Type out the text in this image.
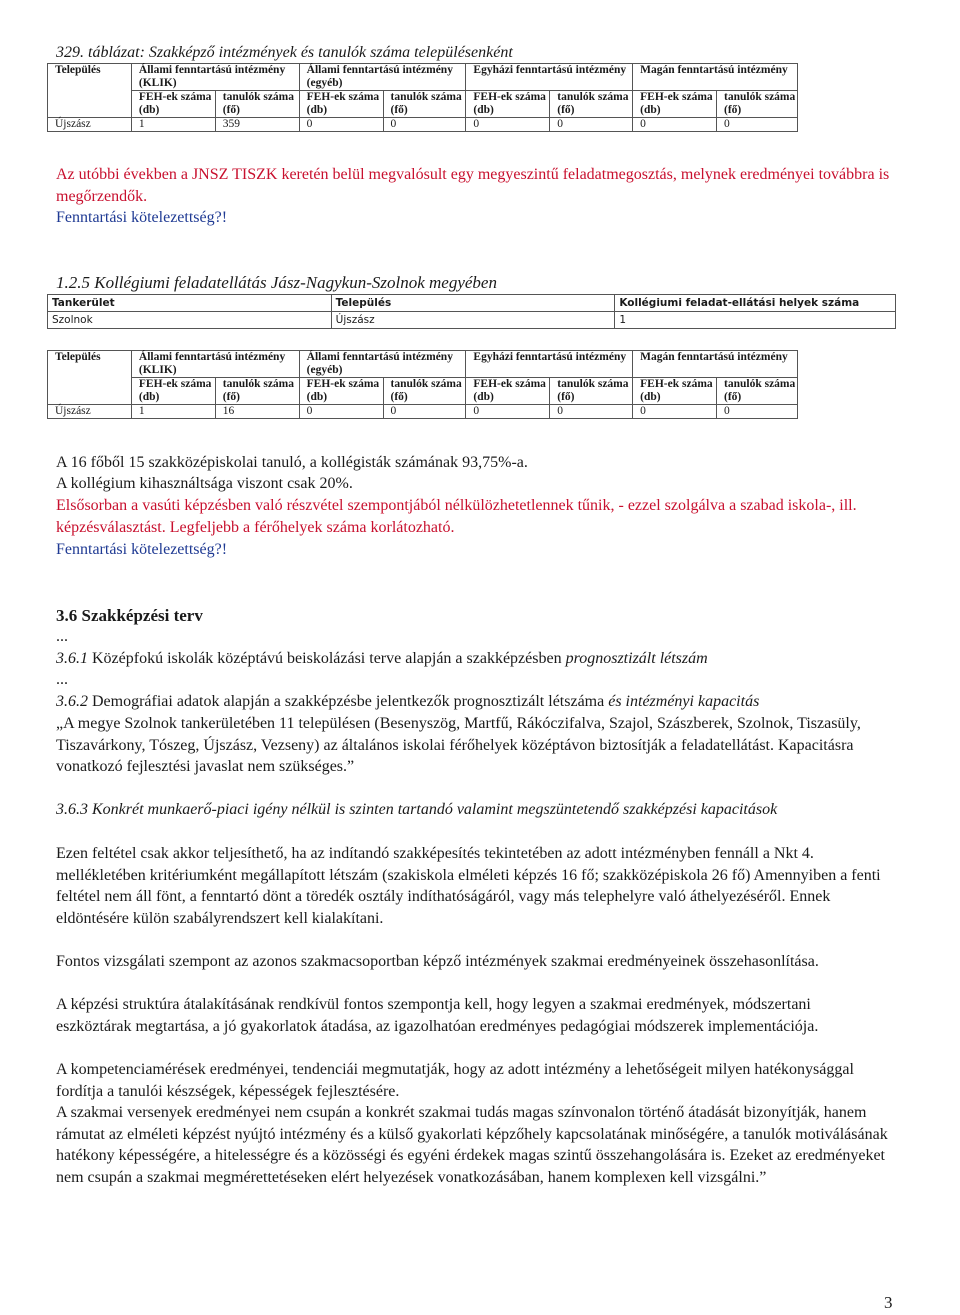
329. táblázat: Szakképző intézmények és tanulók száma településenként
Település	Állami fenntartású intézmény (KLIK)		Állami fenntartású intézmény (egyéb)		Egyházi fenntartású intézmény		Magán fenntartású intézmény	
	FEH-ek száma (db)	tanulók száma (fő)	FEH-ek száma (db)	tanulók száma (fő)	FEH-ek száma (db)	tanulók száma (fő)	FEH-ek száma (db)	tanulók száma (fő)
Újszász	1	359	0	0	0	0	0	0

Az utóbbi években a JNSZ TISZK keretén belül megvalósult egy megyeszintű feladatmegosztás, melynek eredményei továbbra is megőrzendők.

Fenntartási kötelezettség?!

1.2.5 Kollégiumi feladatellátás Jász-Nagykun-Szolnok megyében
Tankerület	Település	Kollégiumi feladat-ellátási helyek száma
Szolnok	Újszász	1
Település	Állami fenntartású intézmény (KLIK)		Állami fenntartású intézmény (egyéb)		Egyházi fenntartású intézmény		Magán fenntartású intézmény	
	FEH-ek száma (db)	tanulók száma (fő)	FEH-ek száma (db)	tanulók száma (fő)	FEH-ek száma (db)	tanulók száma (fő)	FEH-ek száma (db)	tanulók száma (fő)
Újszász	1	16	0	0	0	0	0	0

A 16 főből 15 szakközépiskolai tanuló, a kollégisták számának 93,75%-a.

A kollégium kihasználtsága viszont csak 20%.

Elsősorban a vasúti képzésben való részvétel szempontjából nélkülözhetetlennek tűnik, - ezzel szolgálva a szabad iskola-, ill. képzésválasztást. Legfeljebb a férőhelyek száma korlátozható.

Fenntartási kötelezettség?!

3.6 Szakképzési terv

...

3.6.1 Középfokú iskolák középtávú beiskolázási terve alapján a szakképzésben prognosztizált létszám

...

3.6.2 Demográfiai adatok alapján a szakképzésbe jelentkezők prognosztizált létszáma és intézményi kapacitás

„A megye Szolnok tankerületében 11 településen (Besenyszög, Martfű, Rákóczifalva, Szajol, Szászberek, Szolnok, Tiszasüly, Tiszavárkony, Tószeg, Újszász, Vezseny) az általános iskolai férőhelyek középtávon biztosítják a feladatellátást. Kapacitásra vonatkozó fejlesztési javaslat nem szükséges.”

3.6.3 Konkrét munkaerő-piaci igény nélkül is szinten tartandó valamint megszüntetendő szakképzési kapacitások

Ezen feltétel csak akkor teljesíthető, ha az indítandó szakképesítés tekintetében az adott intézményben fennáll a Nkt 4. mellékletében kritériumként megállapított létszám (szakiskola elméleti képzés 16 fő; szakközépiskola 26 fő) Amennyiben a fenti feltétel nem áll fönt, a fenntartó dönt a töredék osztály indíthatóságáról, vagy más telephelyre való áthelyezéséről. Ennek eldöntésére külön szabályrendszert kell kialakítani.

Fontos vizsgálati szempont az azonos szakmacsoportban képző intézmények szakmai eredményeinek összehasonlítása.

A képzési struktúra átalakításának rendkívül fontos szempontja kell, hogy legyen a szakmai eredmények, módszertani eszköztárak megtartása, a jó gyakorlatok átadása, az igazolhatóan eredményes pedagógiai módszerek implementációja.

A kompetenciamérések eredményei, tendenciái megmutatják, hogy az adott intézmény a lehetőségeit milyen hatékonysággal fordítja a tanulói készségek, képességek fejlesztésére.

A szakmai versenyek eredményei nem csupán a konkrét szakmai tudás magas színvonalon történő átadását bizonyítják, hanem rámutat az elméleti képzést nyújtó intézmény és a külső gyakorlati képzőhely kapcsolatának minőségére, a tanulók motiválásának hatékony képességére, a hitelességre és a közösségi és egyéni érdekek magas szintű összehangolására is. Ezeket az eredményeket nem csupán a szakmai megmérettetéseken elért helyezések vonatkozásában, hanem komplexen kell vizsgálni.”

3
